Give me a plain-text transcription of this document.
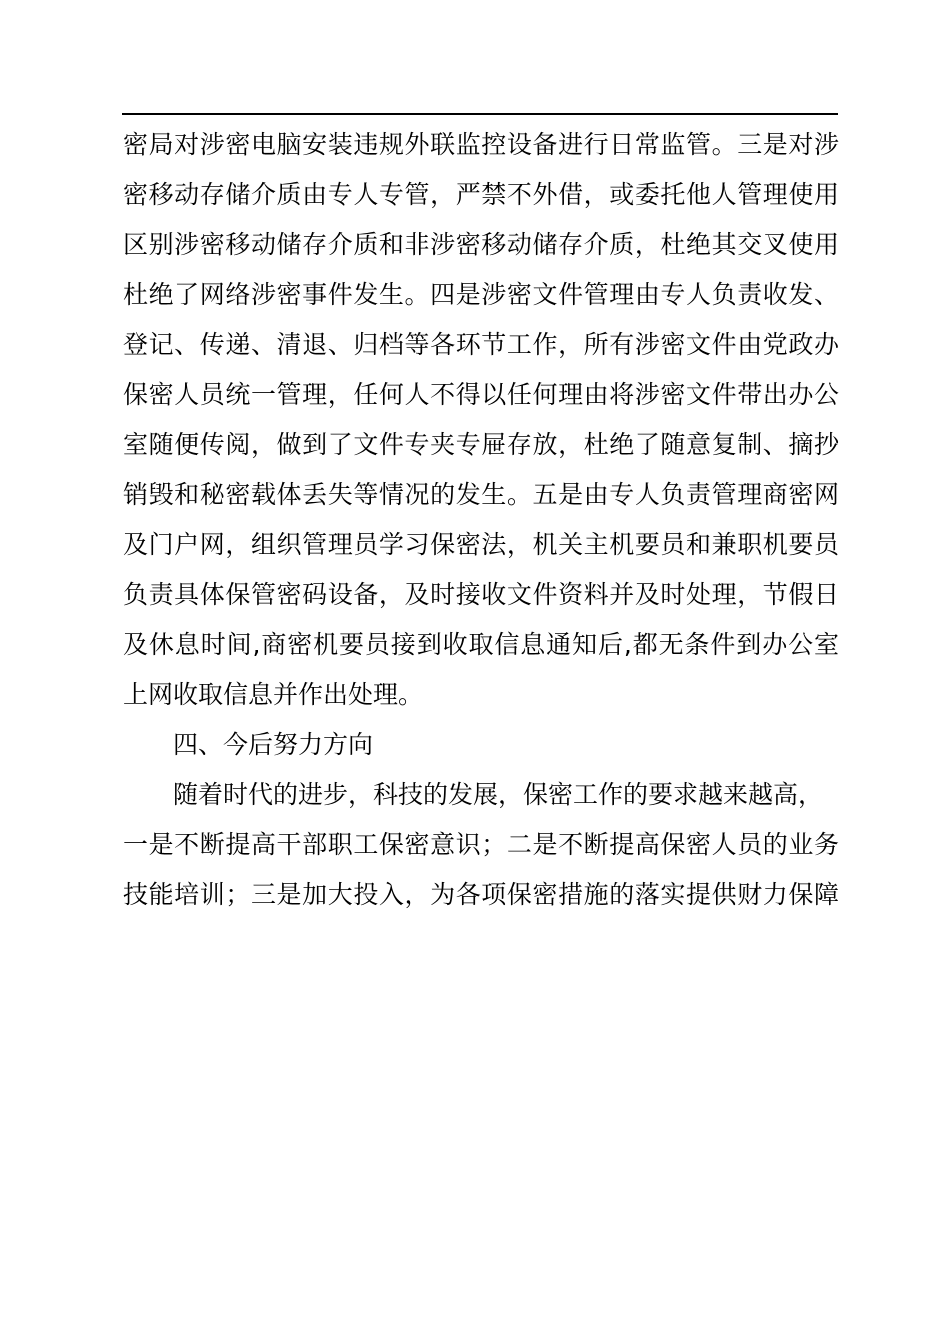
密局对涉密电脑安装违规外联监控设备进行日常监管。三是对涉
密移动存储介质由专人专管，严禁不外借，或委托他人管理使用
区别涉密移动储存介质和非涉密移动储存介质，杜绝其交叉使用
杜绝了网络涉密事件发生。四是涉密文件管理由专人负责收发、
登记、传递、清退、归档等各环节工作，所有涉密文件由党政办
保密人员统一管理，任何人不得以任何理由将涉密文件带出办公
室随便传阅，做到了文件专夹专屉存放，杜绝了随意复制、摘抄
销毁和秘密载体丢失等情况的发生。五是由专人负责管理商密网
及门户网，组织管理员学习保密法，机关主机要员和兼职机要员
负责具体保管密码设备，及时接收文件资料并及时处理，节假日
及休息时间,商密机要员接到收取信息通知后,都无条件到办公室
上网收取信息并作出处理。
四、今后努力方向
随着时代的进步，科技的发展，保密工作的要求越来越高，
一是不断提高干部职工保密意识；二是不断提高保密人员的业务
技能培训；三是加大投入，为各项保密措施的落实提供财力保障
